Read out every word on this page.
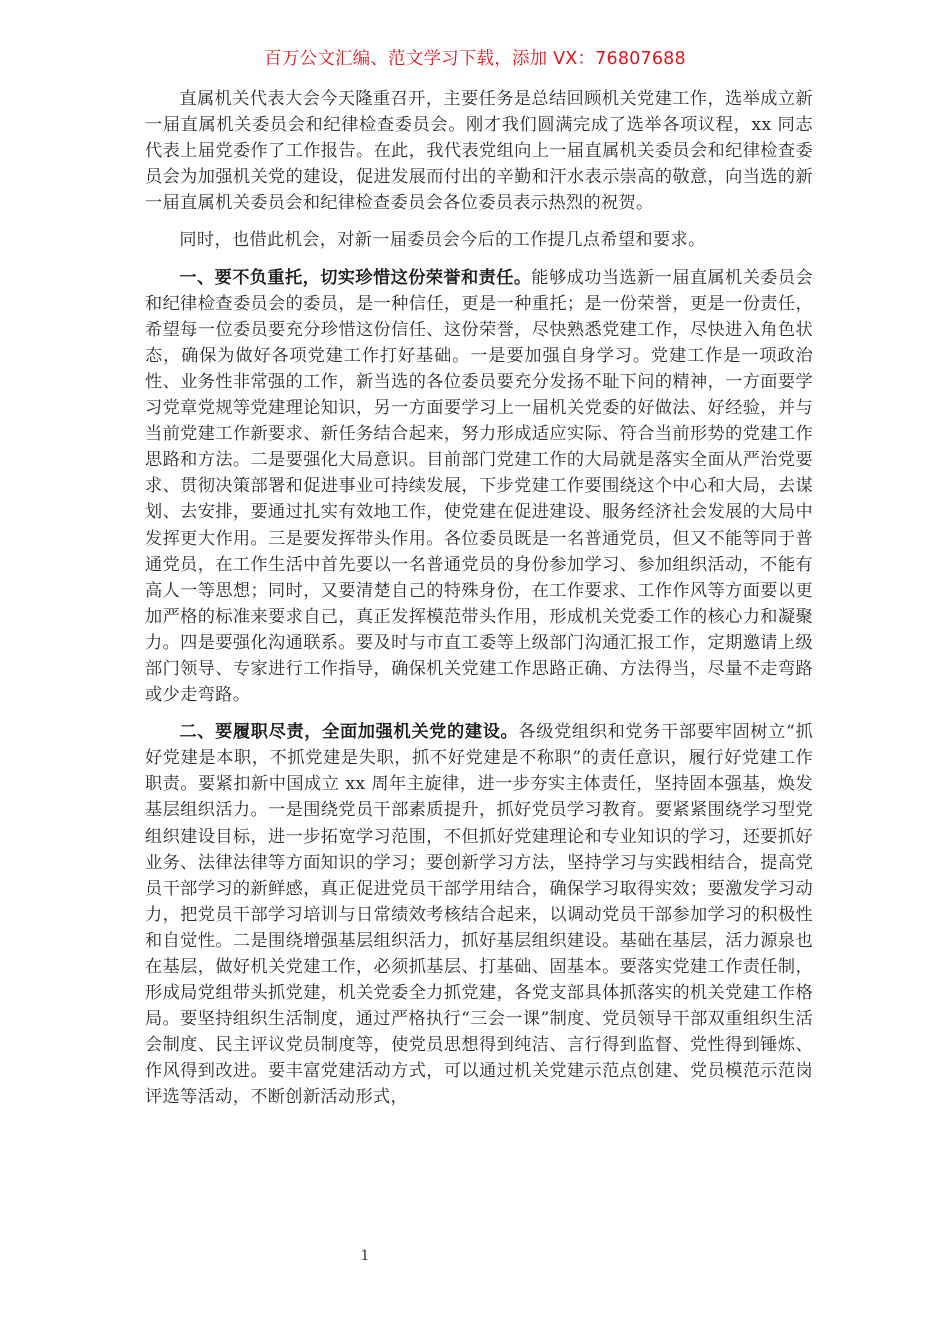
百万公文汇编、范文学习下载，添加 VX：76807688

直属机关代表大会今天隆重召开，主要任务是总结回顾机关党建工作，选举成立新一届直属机关委员会和纪律检查委员会。刚才我们圆满完成了选举各项议程，xx 同志代表上届党委作了工作报告。在此，我代表党组向上一届直属机关委员会和纪律检查委员会为加强机关党的建设，促进发展而付出的辛勤和汗水表示崇高的敬意，向当选的新一届直属机关委员会和纪律检查委员会各位委员表示热烈的祝贺。

同时，也借此机会，对新一届委员会今后的工作提几点希望和要求。

一、要不负重托，切实珍惜这份荣誉和责任。能够成功当选新一届直属机关委员会和纪律检查委员会的委员，是一种信任，更是一种重托；是一份荣誉，更是一份责任，希望每一位委员要充分珍惜这份信任、这份荣誉，尽快熟悉党建工作，尽快进入角色状态，确保为做好各项党建工作打好基础。一是要加强自身学习。党建工作是一项政治性、业务性非常强的工作，新当选的各位委员要充分发扬不耻下问的精神，一方面要学习党章党规等党建理论知识，另一方面要学习上一届机关党委的好做法、好经验，并与当前党建工作新要求、新任务结合起来，努力形成适应实际、符合当前形势的党建工作思路和方法。二是要强化大局意识。目前部门党建工作的大局就是落实全面从严治党要求、贯彻决策部署和促进事业可持续发展，下步党建工作要围绕这个中心和大局，去谋划、去安排，要通过扎实有效地工作，使党建在促进建设、服务经济社会发展的大局中发挥更大作用。三是要发挥带头作用。各位委员既是一名普通党员，但又不能等同于普通党员，在工作生活中首先要以一名普通党员的身份参加学习、参加组织活动，不能有高人一等思想；同时，又要清楚自己的特殊身份，在工作要求、工作作风等方面要以更加严格的标准来要求自己，真正发挥模范带头作用，形成机关党委工作的核心力和凝聚力。四是要强化沟通联系。要及时与市直工委等上级部门沟通汇报工作，定期邀请上级部门领导、专家进行工作指导，确保机关党建工作思路正确、方法得当，尽量不走弯路或少走弯路。

二、要履职尽责，全面加强机关党的建设。各级党组织和党务干部要牢固树立“抓好党建是本职，不抓党建是失职，抓不好党建是不称职”的责任意识，履行好党建工作职责。要紧扣新中国成立 xx 周年主旋律，进一步夯实主体责任，坚持固本强基，焕发基层组织活力。一是围绕党员干部素质提升，抓好党员学习教育。要紧紧围绕学习型党组织建设目标，进一步拓宽学习范围，不但抓好党建理论和专业知识的学习，还要抓好业务、法律法律等方面知识的学习；要创新学习方法，坚持学习与实践相结合，提高党员干部学习的新鲜感，真正促进党员干部学用结合，确保学习取得实效；要激发学习动力，把党员干部学习培训与日常绩效考核结合起来，以调动党员干部参加学习的积极性和自觉性。二是围绕增强基层组织活力，抓好基层组织建设。基础在基层，活力源泉也在基层，做好机关党建工作，必须抓基层、打基础、固基本。要落实党建工作责任制，形成局党组带头抓党建，机关党委全力抓党建，各党支部具体抓落实的机关党建工作格局。要坚持组织生活制度，通过严格执行“三会一课”制度、党员领导干部双重组织生活会制度、民主评议党员制度等，使党员思想得到纯洁、言行得到监督、党性得到锤炼、作风得到改进。要丰富党建活动方式，可以通过机关党建示范点创建、党员模范示范岗评选等活动，不断创新活动形式，

1
